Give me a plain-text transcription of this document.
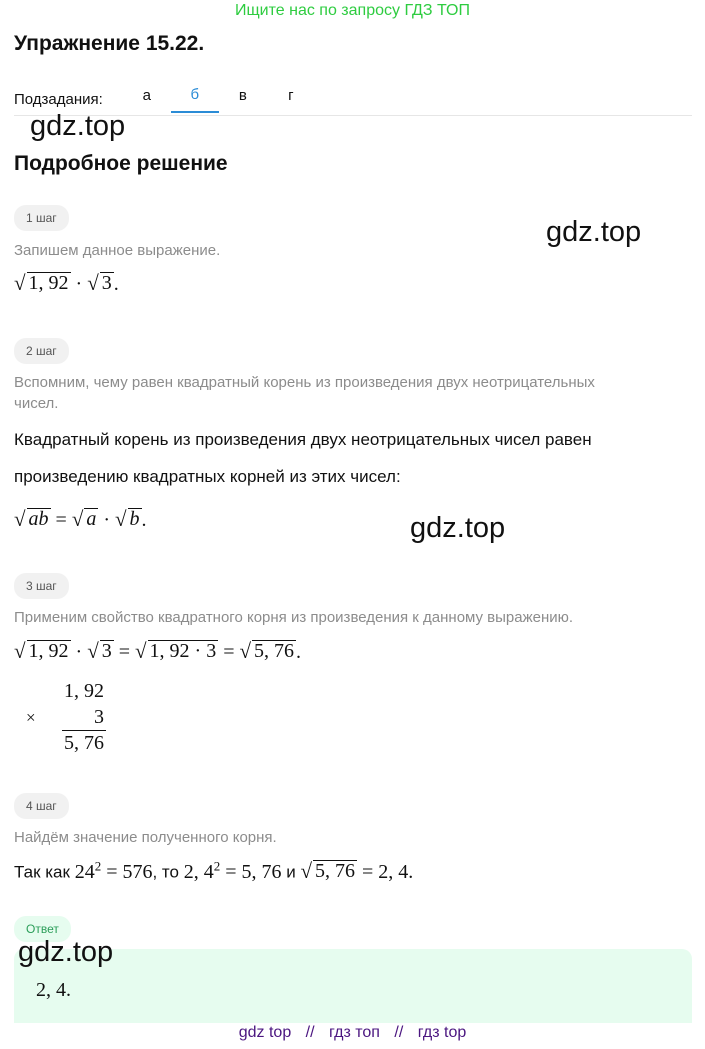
Ищите нас по запросу ГДЗ ТОП
Упражнение 15.22.
Подзадания:	а	б	в	г
gdz.top
gdz.top
gdz.top
gdz.top
Подробное решение
1 шаг
Запишем данное выражение.
√ 1, 92 · √ 3 .
2 шаг
Вспомним, чему равен квадратный корень из произведения двух неотрицательных
чисел.
Квадратный корень из произведения двух неотрицательных чисел равен
произведению квадратных корней из этих чисел:
√ ab = √ a · √ b .
3 шаг
Применим свойство квадратного корня из произведения к данному выражению.
√ 1, 92 · √ 3 = √ 1, 92 · 3 = √ 5, 76 .
1, 92
×	3
5, 76
4 шаг
Найдём значение полученного корня.
Так как $24^2 = 576$, то 2, $4^2 = 5$, 76 и √ 5, 76 = 2, 4.
Ответ
2, 4.
gdz top // гдз топ // гдз top
